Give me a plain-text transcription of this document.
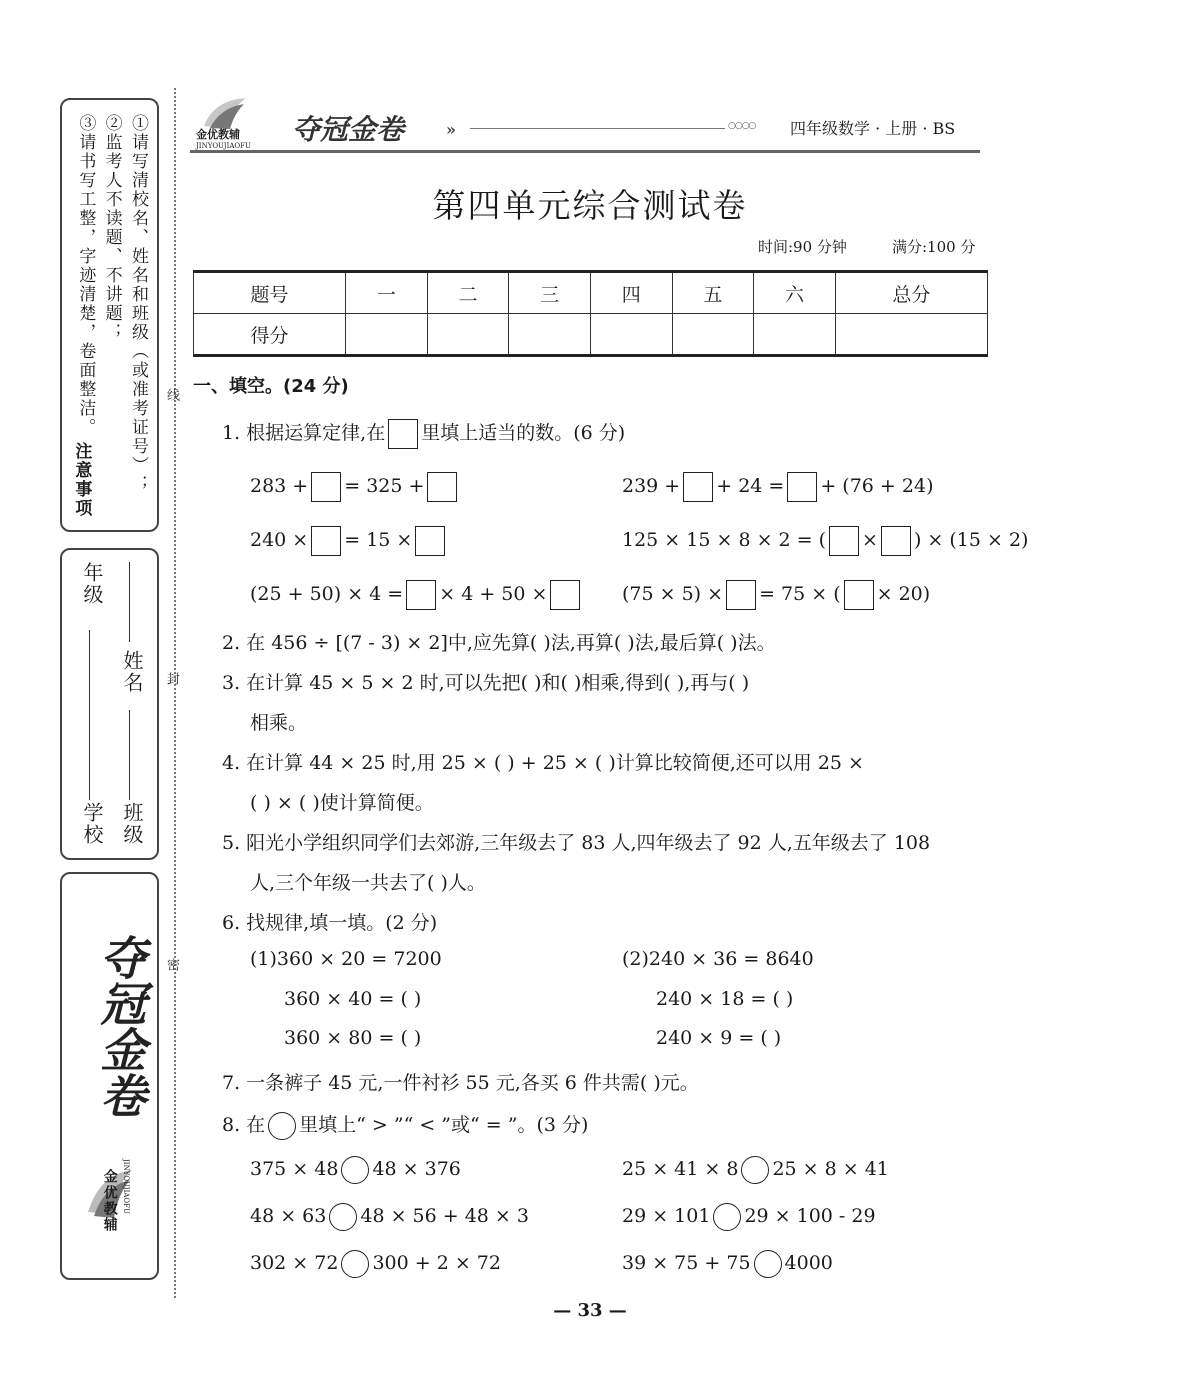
①请写清校名、姓名和班级（或准考证号）；
②监考人不读题、不讲题；
③请书写工整，字迹清楚，卷面整洁。
注意事项
学校
年级
班级
姓名
夺冠金卷
金优教辅 JINYOUJIAOFU
线
封
密
金优教辅
JINYOUJIAOFU 夺冠金卷	»	○○○○ 四年级数学 · 上册 · BS
第四单元综合测试卷
时间:90 分钟	满分:100 分
题号	一	二	三	四	五	六	总分
得分							
一、填空。(24 分)
1. 根据运算定律,在 里填上适当的数。(6 分)
283 + = 325 +	239 + + 24 = + (76 + 24)
240 × = 15 ×	125 × 15 × 8 × 2 = ( × ) × (15 × 2)
(25 + 50) × 4 = × 4 + 50 ×	(75 × 5) × = 75 × ( × 20)
2. 在 456 ÷ [(7 - 3) × 2]中,应先算( )法,再算( )法,最后算( )法。
3. 在计算 45 × 5 × 2 时,可以先把( )和( )相乘,得到( ),再与( )
相乘。
4. 在计算 44 × 25 时,用 25 × ( ) + 25 × ( )计算比较简便,还可以用 25 ×
( ) × ( )使计算简便。
5. 阳光小学组织同学们去郊游,三年级去了 83 人,四年级去了 92 人,五年级去了 108
人,三个年级一共去了( )人。
6. 找规律,填一填。(2 分)
(1)360 × 20 = 7200
360 × 40 = ( )
360 × 80 = ( )
(2)240 × 36 = 8640
240 × 18 = ( )
240 × 9 = ( )
7. 一条裤子 45 元,一件衬衫 55 元,各买 6 件共需( )元。
8. 在 里填上“ > ”“ < ”或“ = ”。(3 分)
375 × 48 48 × 376	25 × 41 × 8 25 × 8 × 41
48 × 63 48 × 56 + 48 × 3	29 × 101 29 × 100 - 29
302 × 72 300 + 2 × 72	39 × 75 + 75 4000
— 33 —
